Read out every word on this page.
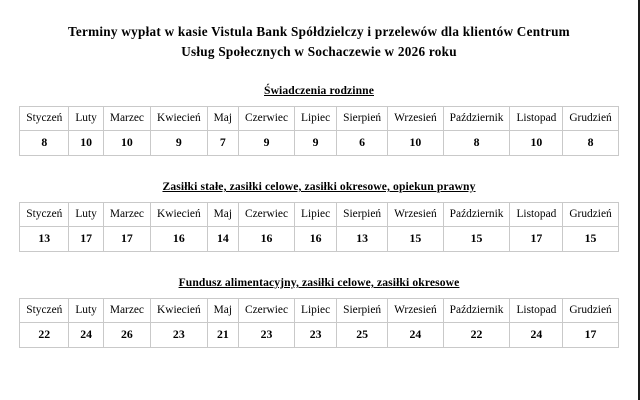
Terminy wypłat w kasie Vistula Bank Spółdzielczy i przelewów dla klientów Centrum Usług Społecznych w Sochaczewie w 2026 roku
Świadczenia rodzinne
Styczeń	Luty	Marzec	Kwiecień	Maj	Czerwiec	Lipiec	Sierpień	Wrzesień	Październik	Listopad	Grudzień
8	10	10	9	7	9	9	6	10	8	10	8
Zasiłki stałe, zasiłki celowe, zasiłki okresowe, opiekun prawny
Styczeń	Luty	Marzec	Kwiecień	Maj	Czerwiec	Lipiec	Sierpień	Wrzesień	Październik	Listopad	Grudzień
13	17	17	16	14	16	16	13	15	15	17	15
Fundusz alimentacyjny, zasiłki celowe, zasiłki okresowe
Styczeń	Luty	Marzec	Kwiecień	Maj	Czerwiec	Lipiec	Sierpień	Wrzesień	Październik	Listopad	Grudzień
22	24	26	23	21	23	23	25	24	22	24	17
